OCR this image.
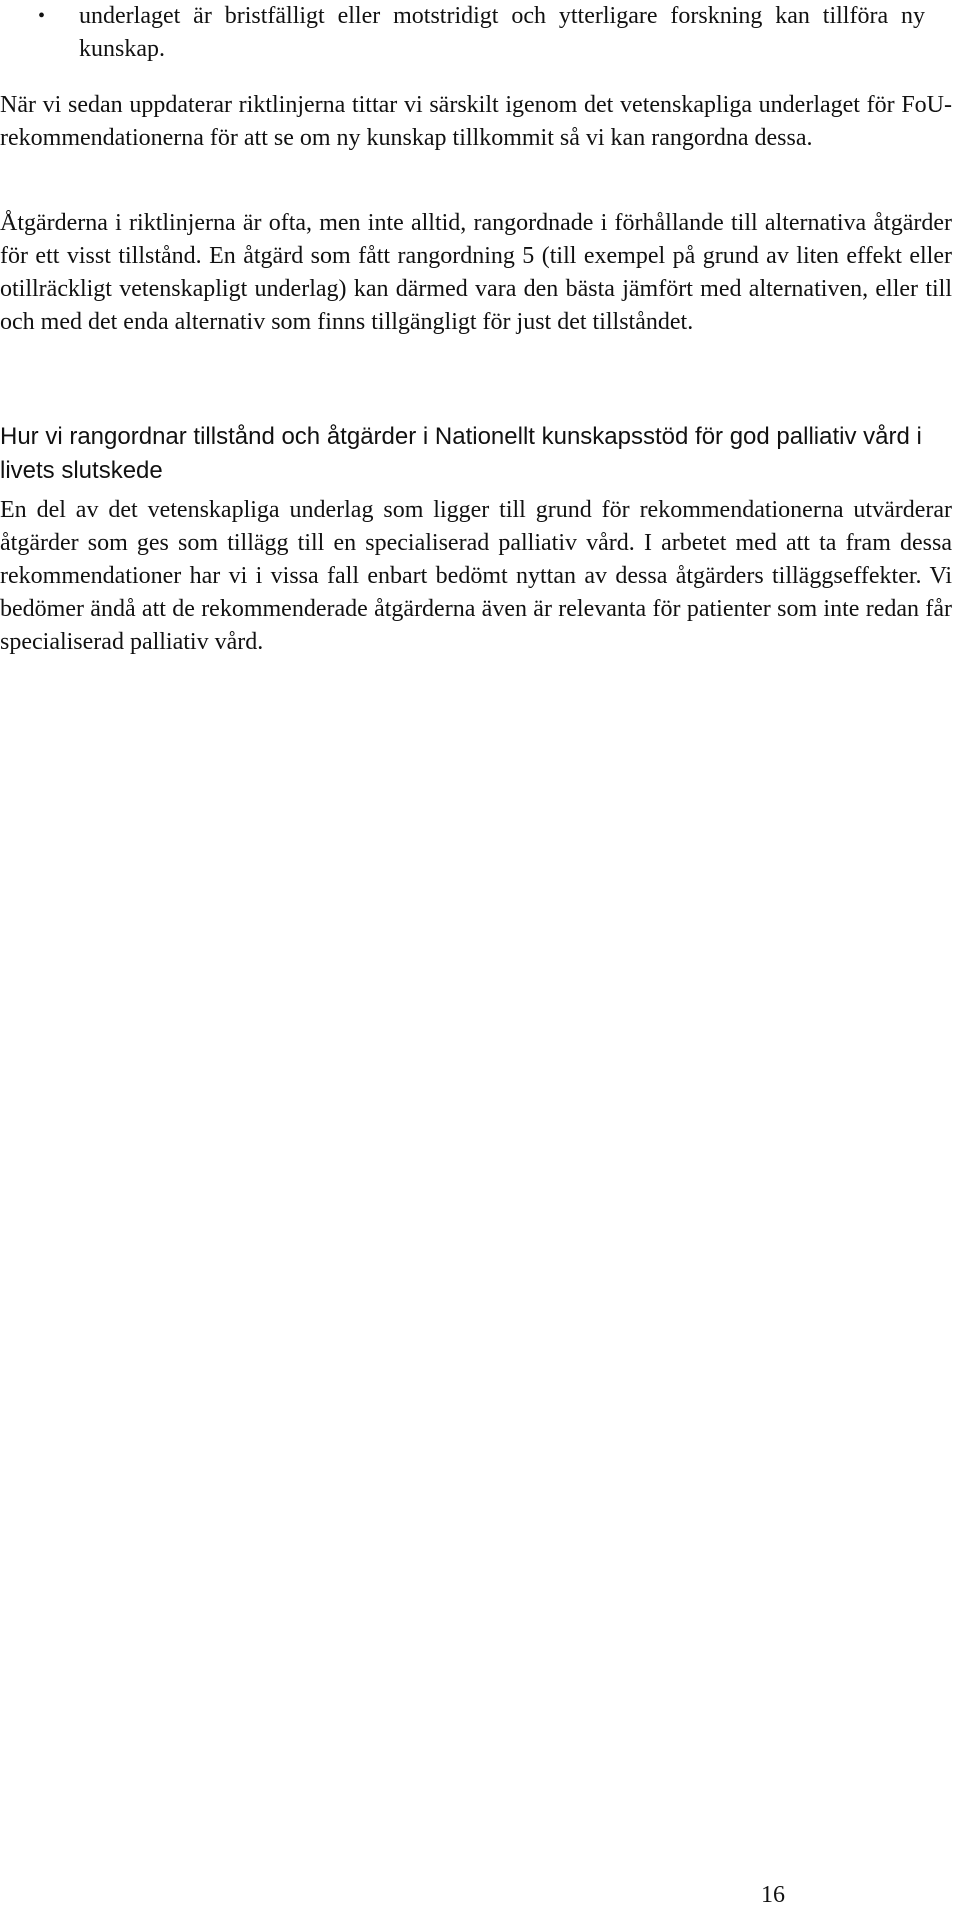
•	underlaget är bristfälligt eller motstridigt och ytterligare forskning kan tillföra ny kunskap.

När vi sedan uppdaterar riktlinjerna tittar vi särskilt igenom det vetenskapliga underlaget för FoU-rekommendationerna för att se om ny kunskap tillkommit så vi kan rangordna dessa.

Åtgärderna i riktlinjerna är ofta, men inte alltid, rangordnade i förhållande till alternativa åtgärder för ett visst tillstånd. En åtgärd som fått rangordning 5 (till exempel på grund av liten effekt eller otillräckligt vetenskapligt underlag) kan därmed vara den bästa jämfört med alternativen, eller till och med det enda alternativ som finns tillgängligt för just det tillståndet.

Hur vi rangordnar tillstånd och åtgärder i Nationellt kunskapsstöd för god palliativ vård i livets slutskede

En del av det vetenskapliga underlag som ligger till grund för rekommendationerna utvärderar åtgärder som ges som tillägg till en specialiserad palliativ vård. I arbetet med att ta fram dessa rekommendationer har vi i vissa fall enbart bedömt nyttan av dessa åtgärders tilläggseffekter. Vi bedömer ändå att de rekommenderade åtgärderna även är relevanta för patienter som inte redan får specialiserad palliativ vård.

16
